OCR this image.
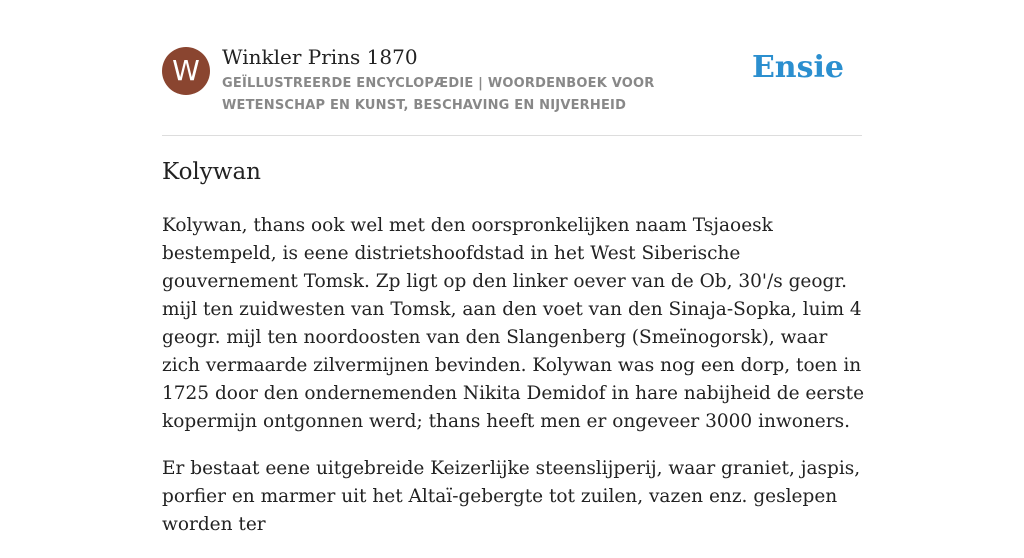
W	Winkler Prins 1870
GEÏLLUSTREERDE ENCYCLOPÆDIE | WOORDENBOEK VOOR WETENSCHAP EN KUNST, BESCHAVING EN NIJVERHEID
Ensie
Kolywan

Kolywan, thans ook wel met den oorspronkelijken naam Tsjaoesk bestempeld, is eene distrietshoofdstad in het West Siberische gouvernement Tomsk. Zp ligt op den linker oever van de Ob, 30'/s geogr. mijl ten zuidwesten van Tomsk, aan den voet van den Sinaja-Sopka, luim 4 geogr. mijl ten noordoosten van den Slangenberg (Smeïnogorsk), waar zich vermaarde zilvermijnen bevinden. Kolywan was nog een dorp, toen in 1725 door den ondernemenden Nikita Demidof in hare nabijheid de eerste kopermijn ontgonnen werd; thans heeft men er ongeveer 3000 inwoners.

Er bestaat eene uitgebreide Keizerlijke steenslijperij, waar graniet, jaspis, porfier en marmer uit het Altaï-gebergte tot zuilen, vazen enz. geslepen worden ter
